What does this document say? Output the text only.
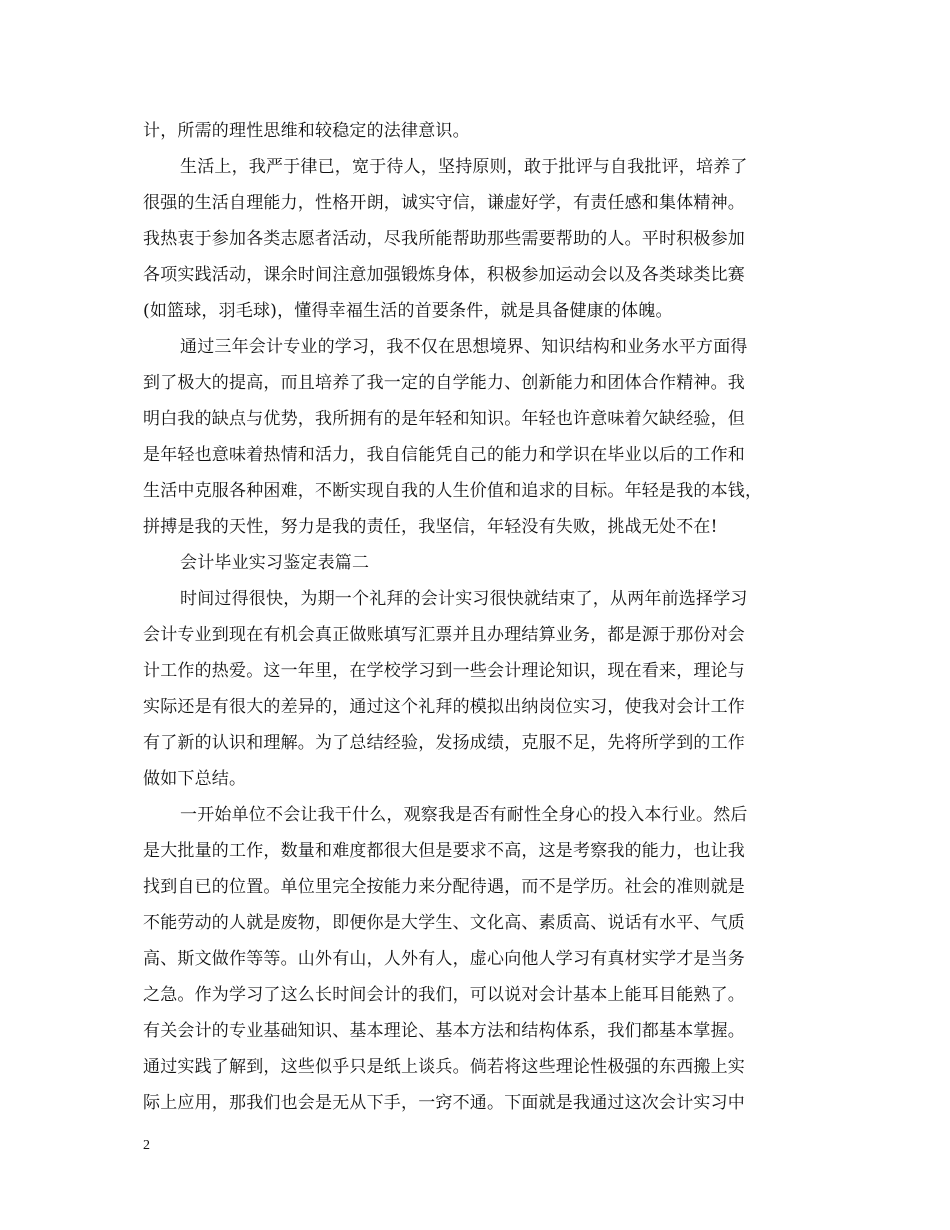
计，所需的理性思维和较稳定的法律意识。
生活上，我严于律已，宽于待人，坚持原则，敢于批评与自我批评，培养了
很强的生活自理能力，性格开朗，诚实守信，谦虚好学，有责任感和集体精神。
我热衷于参加各类志愿者活动，尽我所能帮助那些需要帮助的人。平时积极参加
各项实践活动，课余时间注意加强锻炼身体，积极参加运动会以及各类球类比赛
(如篮球，羽毛球)，懂得幸福生活的首要条件，就是具备健康的体魄。
通过三年会计专业的学习，我不仅在思想境界、知识结构和业务水平方面得
到了极大的提高，而且培养了我一定的自学能力、创新能力和团体合作精神。我
明白我的缺点与优势，我所拥有的是年轻和知识。年轻也许意味着欠缺经验，但
是年轻也意味着热情和活力，我自信能凭自己的能力和学识在毕业以后的工作和
生活中克服各种困难，不断实现自我的人生价值和追求的目标。年轻是我的本钱，
拼搏是我的天性，努力是我的责任，我坚信，年轻没有失败，挑战无处不在!
会计毕业实习鉴定表篇二
时间过得很快，为期一个礼拜的会计实习很快就结束了，从两年前选择学习
会计专业到现在有机会真正做账填写汇票并且办理结算业务，都是源于那份对会
计工作的热爱。这一年里，在学校学习到一些会计理论知识，现在看来，理论与
实际还是有很大的差异的，通过这个礼拜的模拟出纳岗位实习，使我对会计工作
有了新的认识和理解。为了总结经验，发扬成绩，克服不足，先将所学到的工作
做如下总结。
一开始单位不会让我干什么，观察我是否有耐性全身心的投入本行业。然后
是大批量的工作，数量和难度都很大但是要求不高，这是考察我的能力，也让我
找到自已的位置。单位里完全按能力来分配待遇，而不是学历。社会的准则就是
不能劳动的人就是废物，即便你是大学生、文化高、素质高、说话有水平、气质
高、斯文做作等等。山外有山，人外有人，虚心向他人学习有真材实学才是当务
之急。作为学习了这么长时间会计的我们，可以说对会计基本上能耳目能熟了。
有关会计的专业基础知识、基本理论、基本方法和结构体系，我们都基本掌握。
通过实践了解到，这些似乎只是纸上谈兵。倘若将这些理论性极强的东西搬上实
际上应用，那我们也会是无从下手，一窍不通。下面就是我通过这次会计实习中
2
